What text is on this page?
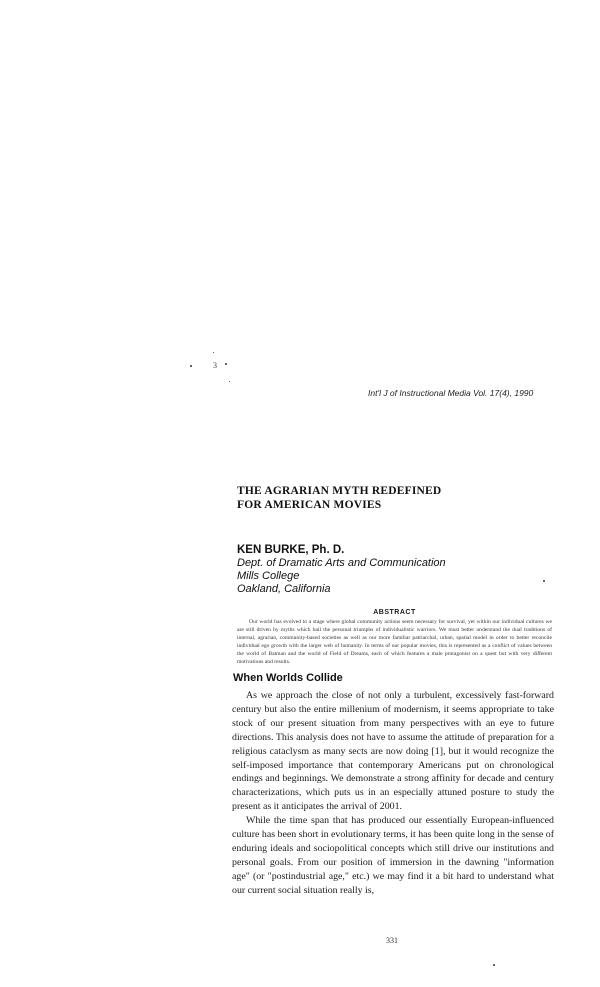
3
Int'l J of Instructional Media Vol. 17(4), 1990
THE AGRARIAN MYTH REDEFINED
FOR AMERICAN MOVIES
KEN BURKE, Ph. D.
Dept. of Dramatic Arts and Communication
Mills College
Oakland, California
ABSTRACT
Our world has evolved to a stage where global community actions seem necessary for survival, yet within our individual cultures we are still driven by myths which hail the personal triumphs of individualistic warriors. We must better understand the dual traditions of internal, agrarian, community-based societies as well as our more familiar patriarchal, urban, spatial model in order to better reconcile individual ego growth with the larger web of humanity. In terms of our popular movies, this is represented as a conflict of values between the world of Batman and the world of Field of Dreams, each of which features a male protagonist on a quest but with very different motivations and results.
When Worlds Collide

As we approach the close of not only a turbulent, excessively fast-forward century but also the entire millenium of modernism, it seems appropriate to take stock of our present situation from many perspectives with an eye to future directions. This analysis does not have to assume the attitude of preparation for a religious cataclysm as many sects are now doing [1], but it would recognize the self-imposed importance that contemporary Americans put on chronological endings and beginnings. We demonstrate a strong affinity for decade and century characterizations, which puts us in an especially attuned posture to study the present as it anticipates the arrival of 2001.

While the time span that has produced our essentially European-influenced culture has been short in evolutionary terms, it has been quite long in the sense of enduring ideals and sociopolitical concepts which still drive our institutions and personal goals. From our position of immersion in the dawning "information age" (or "postindustrial age," etc.) we may find it a bit hard to understand what our current social situation really is,

331
